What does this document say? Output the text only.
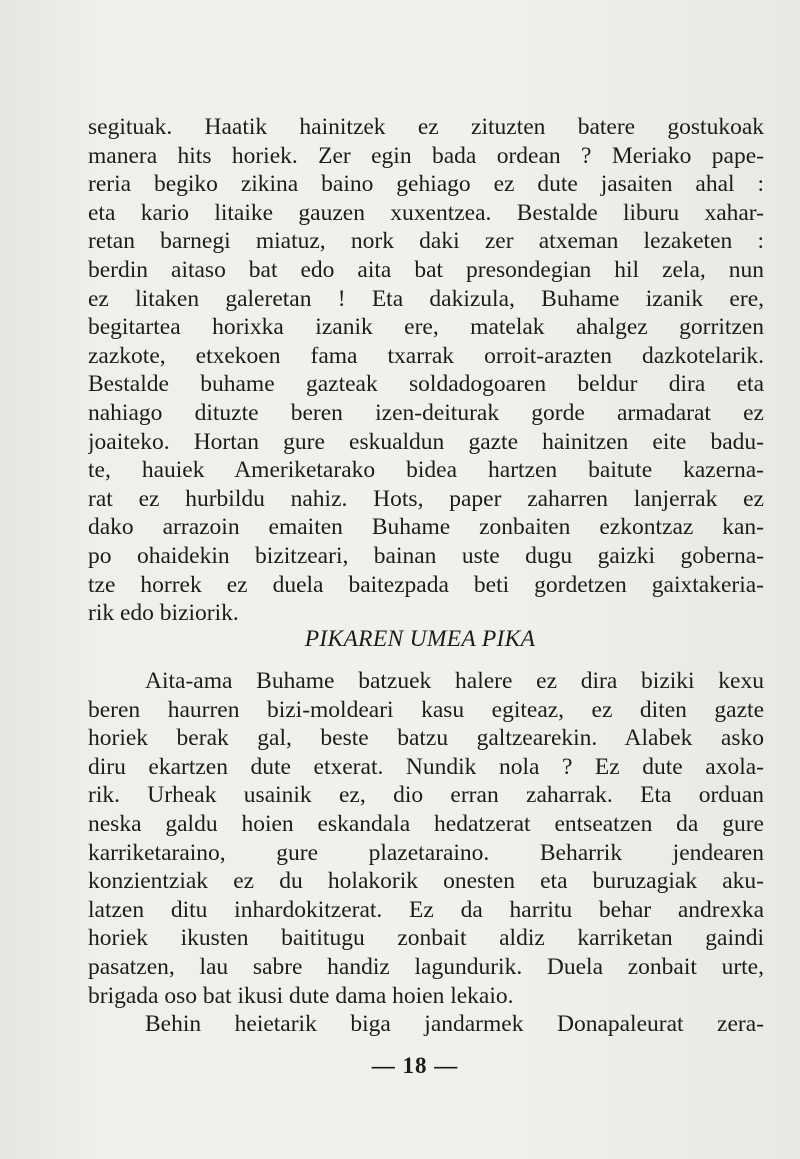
segituak. Haatik hainitzek ez zituzten batere gostukoak
manera hits horiek. Zer egin bada ordean ? Meriako pape-
reria begiko zikina baino gehiago ez dute jasaiten ahal :
eta kario litaike gauzen xuxentzea. Bestalde liburu xahar-
retan barnegi miatuz, nork daki zer atxeman lezaketen :
berdin aitaso bat edo aita bat presondegian hil zela, nun
ez litaken galeretan ! Eta dakizula, Buhame izanik ere,
begitartea horixka izanik ere, matelak ahalgez gorritzen
zazkote, etxekoen fama txarrak orroit-arazten dazkotelarik.
Bestalde buhame gazteak soldadogoaren beldur dira eta
nahiago dituzte beren izen-deiturak gorde armadarat ez
joaiteko. Hortan gure eskualdun gazte hainitzen eite badu-
te, hauiek Ameriketarako bidea hartzen baitute kazerna-
rat ez hurbildu nahiz. Hots, paper zaharren lanjerrak ez
dako arrazoin emaiten Buhame zonbaiten ezkontzaz kan-
po ohaidekin bizitzeari, bainan uste dugu gaizki goberna-
tze horrek ez duela baitezpada beti gordetzen gaixtakeria-
rik edo biziorik.
PIKAREN UMEA PIKA
Aita-ama Buhame batzuek halere ez dira biziki kexu
beren haurren bizi-moldeari kasu egiteaz, ez diten gazte
horiek berak gal, beste batzu galtzearekin. Alabek asko
diru ekartzen dute etxerat. Nundik nola ? Ez dute axola-
rik. Urheak usainik ez, dio erran zaharrak. Eta orduan
neska galdu hoien eskandala hedatzerat entseatzen da gure
karriketaraino, gure plazetaraino. Beharrik jendearen
konzientziak ez du holakorik onesten eta buruzagiak aku-
latzen ditu inhardokitzerat. Ez da harritu behar andrexka
horiek ikusten baititugu zonbait aldiz karriketan gaindi
pasatzen, lau sabre handiz lagundurik. Duela zonbait urte,
brigada oso bat ikusi dute dama hoien lekaio.
Behin heietarik biga jandarmek Donapaleurat zera-
— 18 —
